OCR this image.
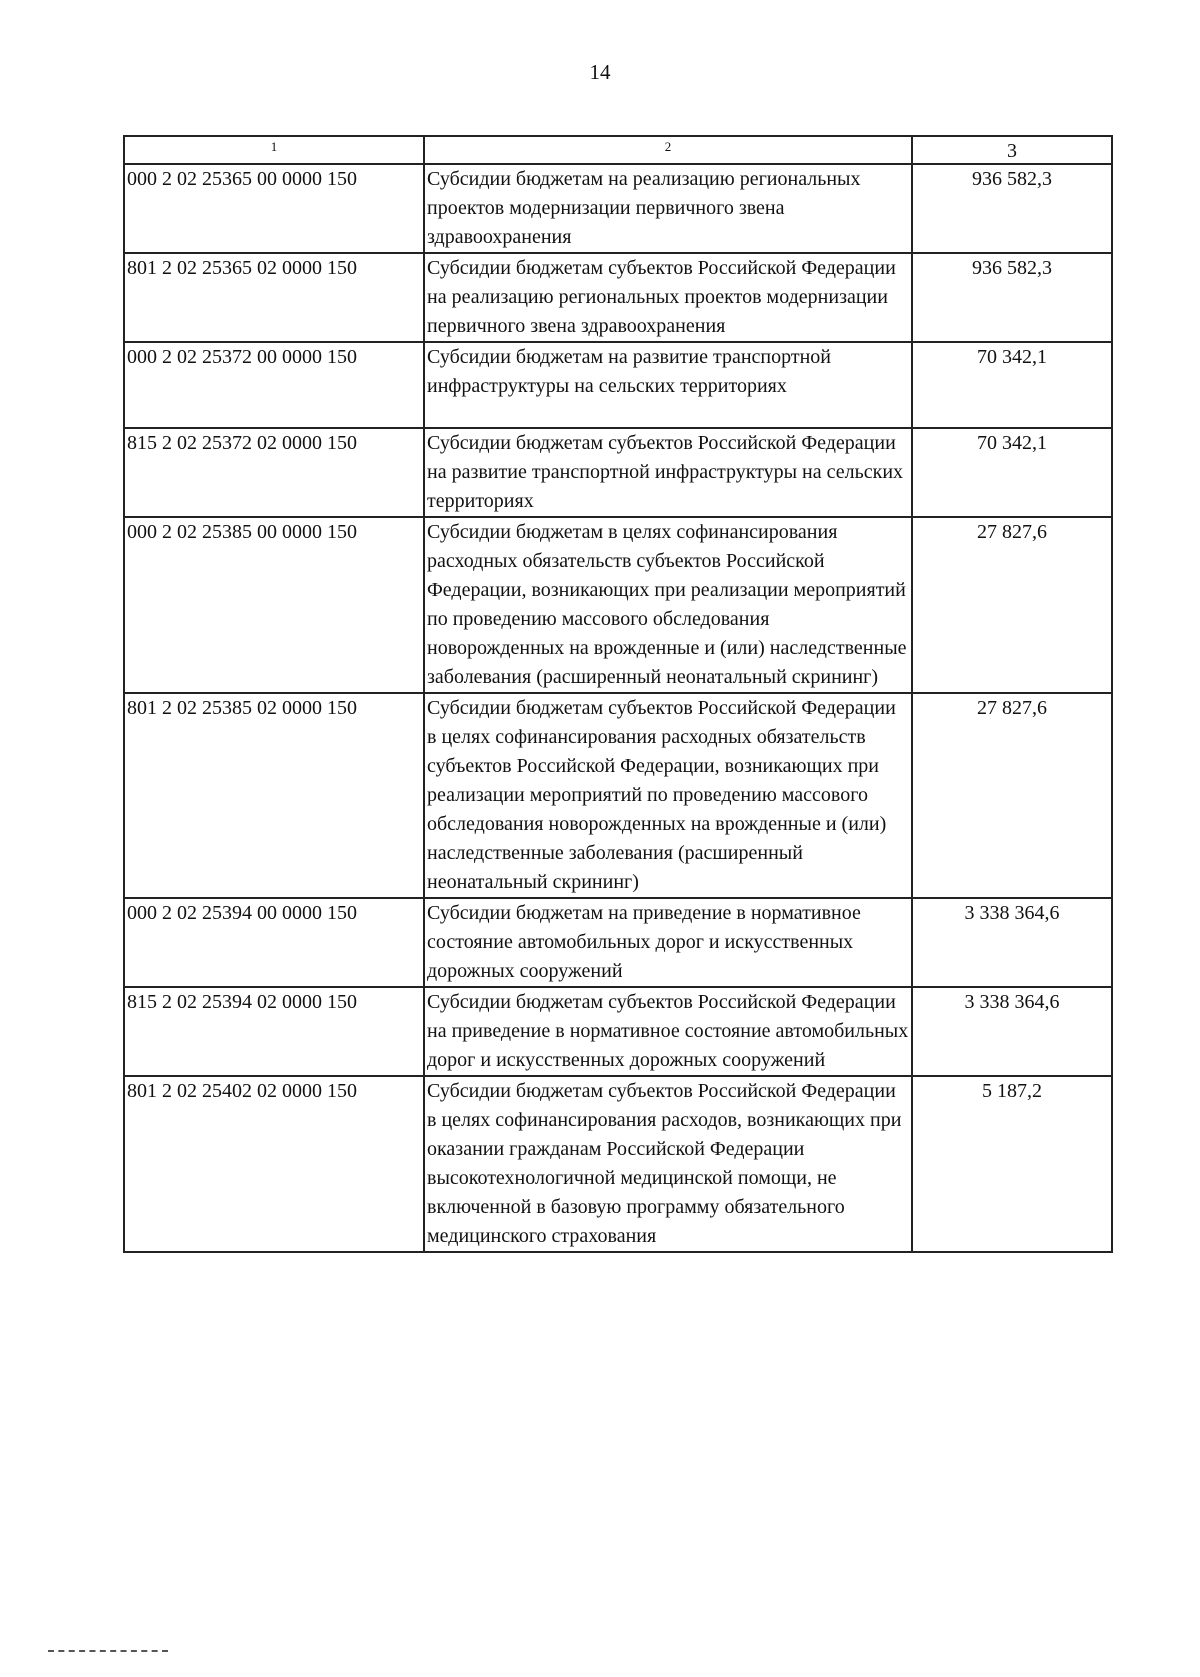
14
1	2	3
000 2 02 25365 00 0000 150	Субсидии бюджетам на реализацию региональных проектов модернизации первичного звена здравоохранения	936 582,3
801 2 02 25365 02 0000 150	Субсидии бюджетам субъектов Российской Федерации на реализацию региональных проектов модернизации первичного звена здравоохранения	936 582,3
000 2 02 25372 00 0000 150	Субсидии бюджетам на развитие транспортной инфраструктуры на сельских территориях	70 342,1
815 2 02 25372 02 0000 150	Субсидии бюджетам субъектов Российской Федерации на развитие транспортной инфраструктуры на сельских территориях	70 342,1
000 2 02 25385 00 0000 150	Субсидии бюджетам в целях софинансирования расходных обязательств субъектов Российской Федерации, возникающих при реализации мероприятий по проведению массового обследования новорожденных на врожденные и (или) наследственные заболевания (расширенный неонатальный скрининг)	27 827,6
801 2 02 25385 02 0000 150	Субсидии бюджетам субъектов Российской Федерации в целях софинансирования расходных обязательств субъектов Российской Федерации, возникающих при реализации мероприятий по проведению массового обследования новорожденных на врожденные и (или) наследственные заболевания (расширенный неонатальный скрининг)	27 827,6
000 2 02 25394 00 0000 150	Субсидии бюджетам на приведение в нормативное состояние автомобильных дорог и искусственных дорожных сооружений	3 338 364,6
815 2 02 25394 02 0000 150	Субсидии бюджетам субъектов Российской Федерации на приведение в нормативное состояние автомобильных дорог и искусственных дорожных сооружений	3 338 364,6
801 2 02 25402 02 0000 150	Субсидии бюджетам субъектов Российской Федерации в целях софинансирования расходов, возникающих при оказании гражданам Российской Федерации высокотехнологичной медицинской помощи, не включенной в базовую программу обязательного медицинского страхования	5 187,2
